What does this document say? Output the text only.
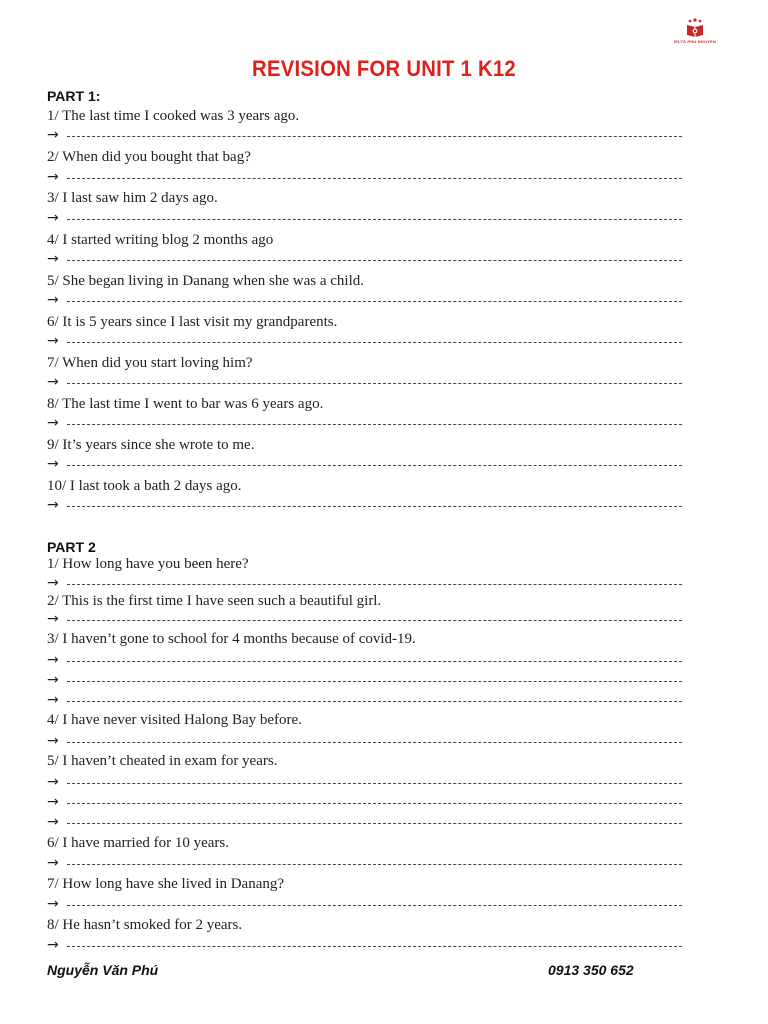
IELTS PHU NGUYEN
REVISION FOR UNIT 1 K12
PART 1:
1/ The last time I cooked was 3 years ago.
→
2/ When did you bought that bag?
→
3/ I last saw him 2 days ago.
→
4/ I started writing blog 2 months ago
→
5/ She began living in Danang when she was a child.
→
6/ It is 5 years since I last visit my grandparents.
→
7/ When did you start loving him?
→
8/ The last time I went to bar was 6 years ago.
→
9/ It’s years since she wrote to me.
→
10/ I last took a bath 2 days ago.
→
PART 2
1/ How long have you been here?
→
2/ This is the first time I have seen such a beautiful girl.
→
3/ I haven’t gone to school for 4 months because of covid-19.
→
→
→
4/ I have never visited Halong Bay before.
→
5/ I haven’t cheated in exam for years.
→
→
→
6/ I have married for 10 years.
→
7/ How long have she lived in Danang?
→
8/ He hasn’t smoked for 2 years.
→
Nguyễn Văn Phú	0913 350 652
